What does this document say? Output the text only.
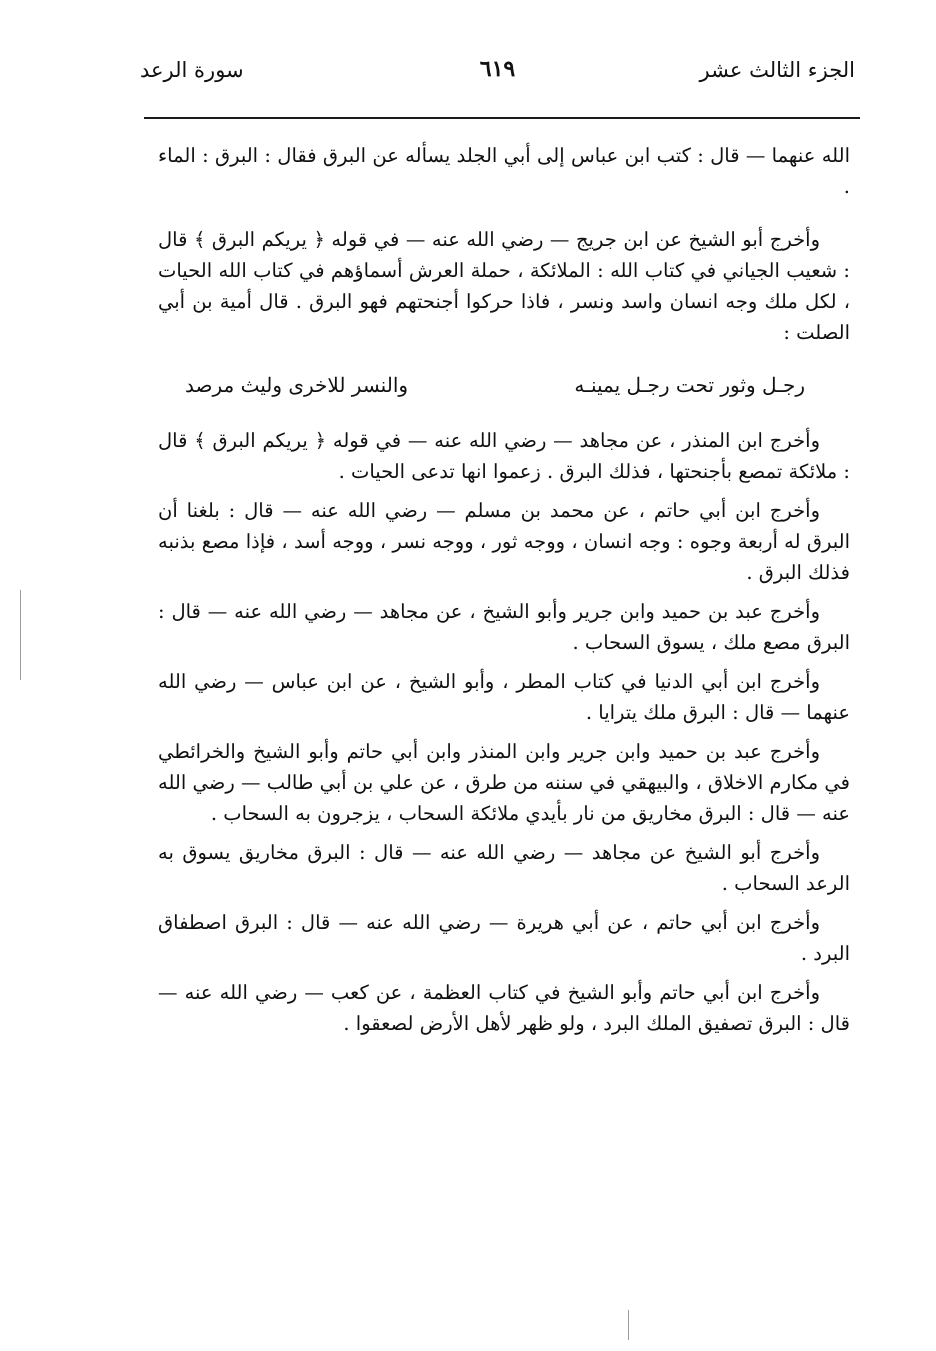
الجزء الثالث عشر
٦١٩
سورة الرعد

الله عنهما — قال : كتب ابن عباس إلى أبي الجلد يسأله عن البرق فقال : البرق : الماء .

وأخرج أبو الشيخ عن ابن جريج — رضي الله عنه — في قوله ﴿ يريكم البرق ﴾ قال : شعيب الجياني في كتاب الله : الملائكة ، حملة العرش أسماؤهم في كتاب الله الحيات ، لكل ملك وجه انسان واسد ونسر ، فاذا حركوا أجنحتهم فهو البرق . قال أمية بن أبي الصلت :

رجـل وثور تحت رجـل يمينـه
والنسر للاخرى وليث مرصد

وأخرج ابن المنذر ، عن مجاهد — رضي الله عنه — في قوله ﴿ يريكم البرق ﴾ قال : ملائكة تمصع بأجنحتها ، فذلك البرق . زعموا انها تدعى الحيات .

وأخرج ابن أبي حاتم ، عن محمد بن مسلم — رضي الله عنه — قال : بلغنا أن البرق له أربعة وجوه : وجه انسان ، ووجه ثور ، ووجه نسر ، ووجه أسد ، فإذا مصع بذنبه فذلك البرق .

وأخرج عبد بن حميد وابن جرير وأبو الشيخ ، عن مجاهد — رضي الله عنه — قال : البرق مصع ملك ، يسوق السحاب .

وأخرج ابن أبي الدنيا في كتاب المطر ، وأبو الشيخ ، عن ابن عباس — رضي الله عنهما — قال : البرق ملك يترايا .

وأخرج عبد بن حميد وابن جرير وابن المنذر وابن أبي حاتم وأبو الشيخ والخرائطي في مكارم الاخلاق ، والبيهقي في سننه من طرق ، عن علي بن أبي طالب — رضي الله عنه — قال : البرق مخاريق من نار بأيدي ملائكة السحاب ، يزجرون به السحاب .

وأخرج أبو الشيخ عن مجاهد — رضي الله عنه — قال : البرق مخاريق يسوق به الرعد السحاب .

وأخرج ابن أبي حاتم ، عن أبي هريرة — رضي الله عنه — قال : البرق اصطفاق البرد .

وأخرج ابن أبي حاتم وأبو الشيخ في كتاب العظمة ، عن كعب — رضي الله عنه — قال : البرق تصفيق الملك البرد ، ولو ظهر لأهل الأرض لصعقوا .
